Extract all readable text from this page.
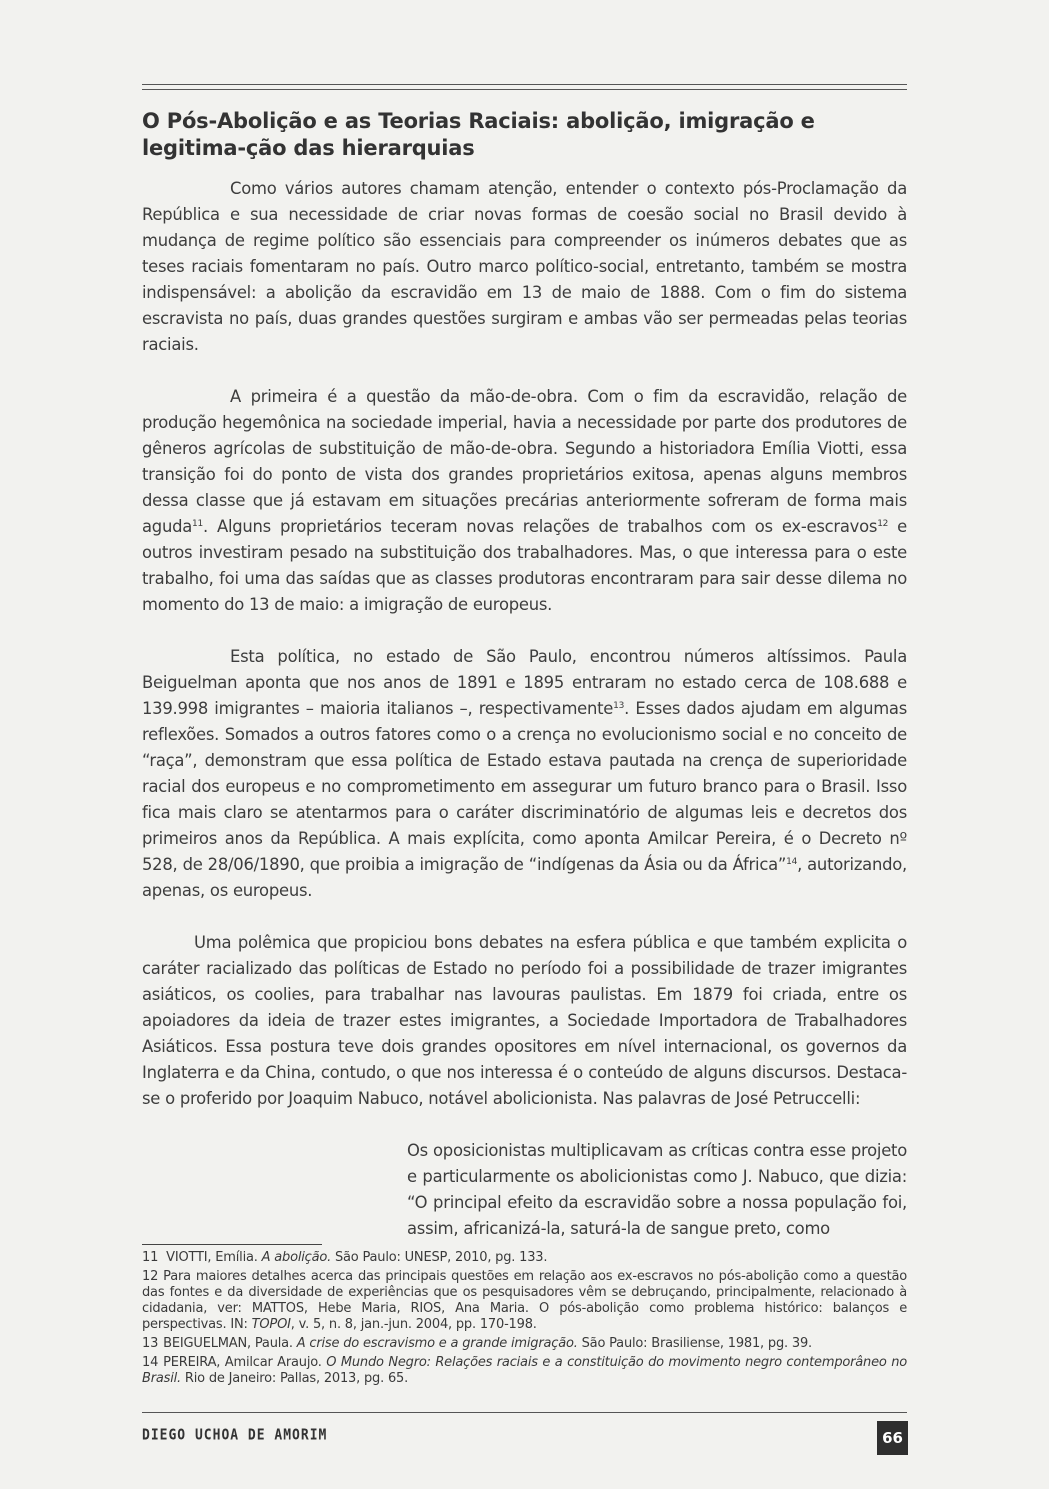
O Pós-Abolição e as Teorias Raciais: abolição, imigração e legitima-ção das hierarquias

Como vários autores chamam atenção, entender o contexto pós-Proclamação da República e sua necessidade de criar novas formas de coesão social no Brasil devido à mudança de regime político são essenciais para compreender os inúmeros debates que as teses raciais fomentaram no país. Outro marco político-social, entretanto, também se mostra indispensável: a abolição da escravidão em 13 de maio de 1888. Com o fim do sistema escravista no país, duas grandes questões surgiram e ambas vão ser permeadas pelas teorias raciais.

A primeira é a questão da mão-de-obra. Com o fim da escravidão, relação de produção hegemônica na sociedade imperial, havia a necessidade por parte dos produtores de gêneros agrícolas de substituição de mão-de-obra. Segundo a historiadora Emília Viotti, essa transição foi do ponto de vista dos grandes proprietários exitosa, apenas alguns membros dessa classe que já estavam em situações precárias anteriormente sofreram de forma mais aguda$^{11}$. Alguns proprietários teceram novas relações de trabalhos com os ex-escravos$^{12}$ e outros investiram pesado na substituição dos trabalhadores. Mas, o que interessa para o este trabalho, foi uma das saídas que as classes produtoras encontraram para sair desse dilema no momento do 13 de maio: a imigração de europeus.

Esta política, no estado de São Paulo, encontrou números altíssimos. Paula Beiguelman aponta que nos anos de 1891 e 1895 entraram no estado cerca de 108.688 e 139.998 imigrantes – maioria italianos –, respectivamente$^{13}$. Esses dados ajudam em algumas reflexões. Somados a outros fatores como o a crença no evolucionismo social e no conceito de “raça”, demonstram que essa política de Estado estava pautada na crença de superioridade racial dos europeus e no comprometimento em assegurar um futuro branco para o Brasil. Isso fica mais claro se atentarmos para o caráter discriminatório de algumas leis e decretos dos primeiros anos da República. A mais explícita, como aponta Amilcar Pereira, é o Decreto nº 528, de 28/06/1890, que proibia a imigração de “indígenas da Ásia ou da África”$^{14}$, autorizando, apenas, os europeus.

Uma polêmica que propiciou bons debates na esfera pública e que também explicita o caráter racializado das políticas de Estado no período foi a possibilidade de trazer imigrantes asiáticos, os coolies, para trabalhar nas lavouras paulistas. Em 1879 foi criada, entre os apoiadores da ideia de trazer estes imigrantes, a Sociedade Importadora de Trabalhadores Asiáticos. Essa postura teve dois grandes opositores em nível internacional, os governos da Inglaterra e da China, contudo, o que nos interessa é o conteúdo de alguns discursos. Destaca-se o proferido por Joaquim Nabuco, notável abolicionista. Nas palavras de José Petruccelli:

Os oposicionistas multiplicavam as críticas contra esse projeto e particularmente os abolicionistas como J. Nabuco, que dizia: “O principal efeito da escravidão sobre a nossa população foi, assim, africanizá-la, saturá-la de sangue preto, como

11 VIOTTI, Emília. A abolição. São Paulo: UNESP, 2010, pg. 133.

12 Para maiores detalhes acerca das principais questões em relação aos ex-escravos no pós-abolição como a questão das fontes e da diversidade de experiências que os pesquisadores vêm se debruçando, principalmente, relacionado à cidadania, ver: MATTOS, Hebe Maria, RIOS, Ana Maria. O pós-abolição como problema histórico: balanços e perspectivas. IN: TOPOI, v. 5, n. 8, jan.-jun. 2004, pp. 170-198.

13 BEIGUELMAN, Paula. A crise do escravismo e a grande imigração. São Paulo: Brasiliense, 1981, pg. 39.

14 PEREIRA, Amilcar Araujo. O Mundo Negro: Relações raciais e a constituição do movimento negro contemporâneo no Brasil. Rio de Janeiro: Pallas, 2013, pg. 65.

DIEGO UCHOA DE AMORIM	66
